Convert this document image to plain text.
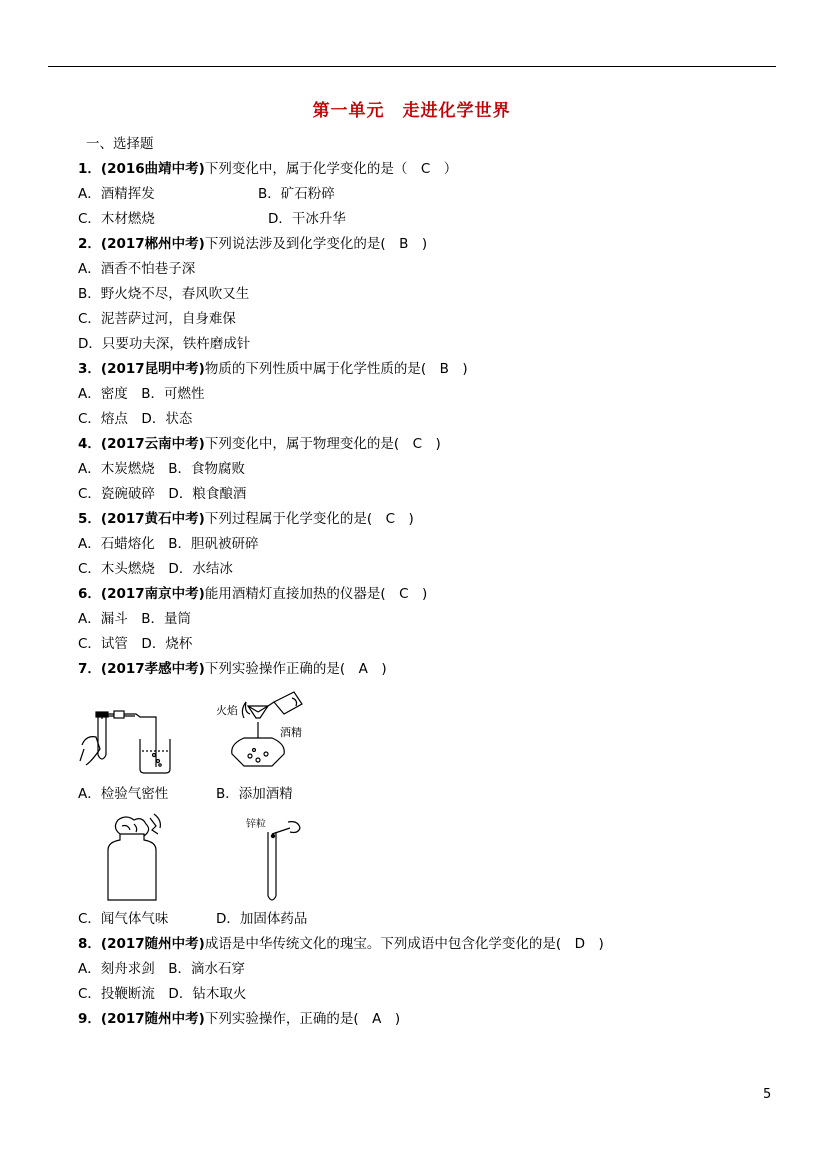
第一单元　走进化学世界
一、选择题
1．(2016曲靖中考)下列变化中，属于化学变化的是（　C　）
A．酒精挥发	B．矿石粉碎
C．木材燃烧	D．干冰升华
2．(2017郴州中考)下列说法涉及到化学变化的是(　B　)
A．酒香不怕巷子深
B．野火烧不尽，春风吹又生
C．泥菩萨过河，自身难保
D．只要功夫深，铁杵磨成针
3．(2017昆明中考)物质的下列性质中属于化学性质的是(　B　)
A．密度　B．可燃性
C．熔点　D．状态
4．(2017云南中考)下列变化中，属于物理变化的是(　C　)
A．木炭燃烧　B．食物腐败
C．瓷碗破碎　D．粮食酿酒
5．(2017黄石中考)下列过程属于化学变化的是(　C　)
A．石蜡熔化　B．胆矾被研碎
C．木头燃烧　D．水结冰
6．(2017南京中考)能用酒精灯直接加热的仪器是(　C　)
A．漏斗　B．量筒
C．试管　D．烧杯
7．(2017孝感中考)下列实验操作正确的是(　A　)
火焰
酒精
A．检验气密性	B．添加酒精
锌粒
C．闻气体气味	D．加固体药品
8．(2017随州中考)成语是中华传统文化的瑰宝。下列成语中包含化学变化的是(　D　)
A．刻舟求剑　B．滴水石穿
C．投鞭断流　D．钻木取火
9．(2017随州中考)下列实验操作，正确的是(　A　)
5
